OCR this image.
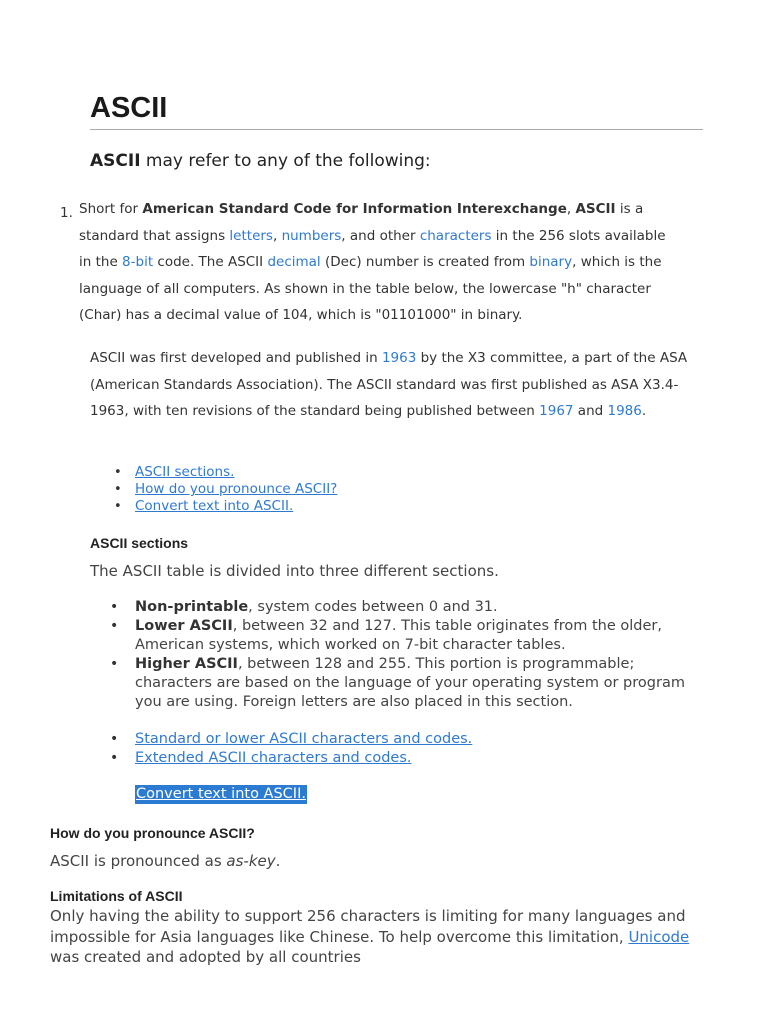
ASCII

ASCII may refer to any of the following:

1. Short for American Standard Code for Information Interexchange, ASCII is a standard that assigns letters, numbers, and other characters in the 256 slots available in the 8-bit code. The ASCII decimal (Dec) number is created from binary, which is the language of all computers. As shown in the table below, the lowercase "h" character (Char) has a decimal value of 104, which is "01101000" in binary.
ASCII was first developed and published in 1963 by the X3 committee, a part of the ASA (American Standards Association). The ASCII standard was first published as ASA X3.4-1963, with ten revisions of the standard being published between 1967 and 1986.
• ASCII sections.
• How do you pronounce ASCII?
• Convert text into ASCII.
ASCII sections

The ASCII table is divided into three different sections.

• Non-printable, system codes between 0 and 31.
• Lower ASCII, between 32 and 127. This table originates from the older, American systems, which worked on 7-bit character tables.
• Higher ASCII, between 128 and 255. This portion is programmable; characters are based on the language of your operating system or program you are using. Foreign letters are also placed in this section.
• Standard or lower ASCII characters and codes.
• Extended ASCII characters and codes.
Convert text into ASCII.
How do you pronounce ASCII?

ASCII is pronounced as as-key.

Limitations of ASCII

Only having the ability to support 256 characters is limiting for many languages and impossible for Asia languages like Chinese. To help overcome this limitation, Unicode was created and adopted by all countries
